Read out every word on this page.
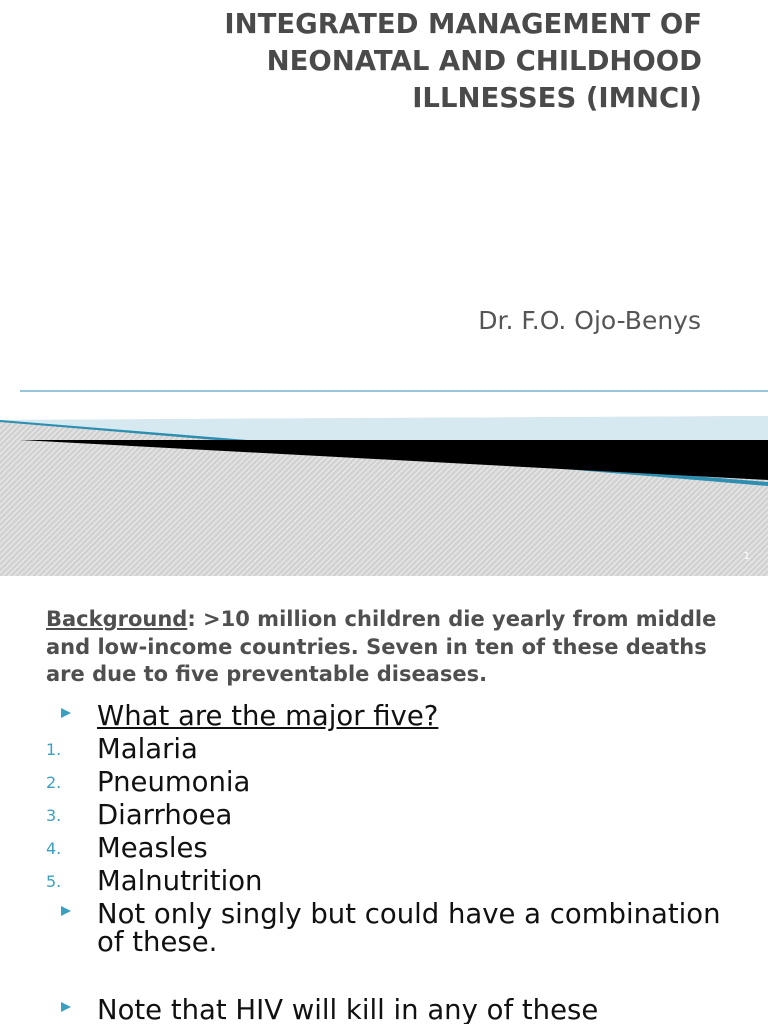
INTEGRATED MANAGEMENT OF
NEONATAL AND CHILDHOOD
ILLNESSES (IMNCI)
Dr. F.O. Ojo-Benys
1
Background: >10 million children die yearly from middle and low-income countries. Seven in ten of these deaths are due to five preventable diseases.
What are the major five?
1.	Malaria
2.	Pneumonia
3.	Diarrhoea
4.	Measles
5.	Malnutrition
Not only singly but could have a combination of these.
Note that HIV will kill in any of these
